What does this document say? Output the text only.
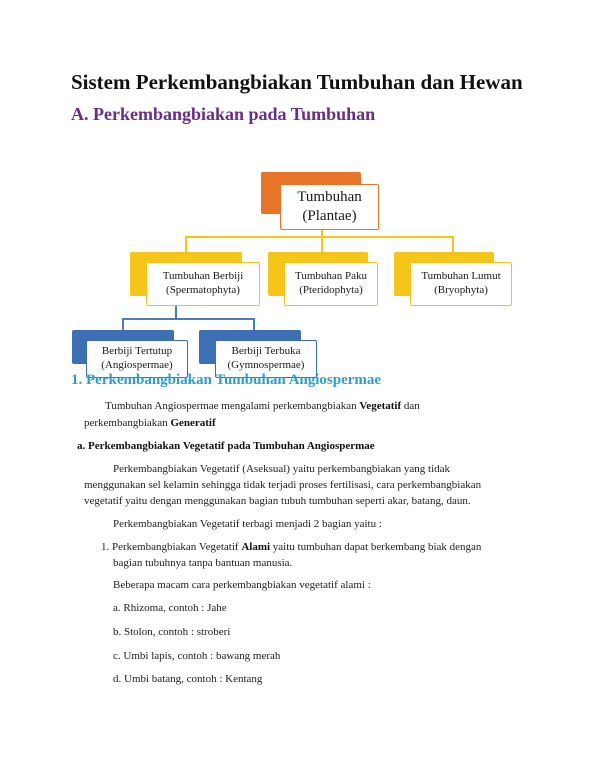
Sistem Perkembangbiakan Tumbuhan dan Hewan
A. Perkembangbiakan pada Tumbuhan
Tumbuhan
(Plantae)
Tumbuhan Berbiji
(Spermatophyta)
Tumbuhan Paku
(Pteridophyta)
Tumbuhan Lumut
(Bryophyta)
Berbiji Tertutup
(Angiospermae)
Berbiji Terbuka
(Gymnospermae)
1. Perkembangbiakan Tumbuhan Angiospermae
Tumbuhan Angiospermae mengalami perkembangbiakan Vegetatif dan
perkembangbiakan Generatif
a. Perkembangbiakan Vegetatif pada Tumbuhan Angiospermae
Perkembangbiakan Vegetatif (Aseksual) yaitu perkembangbiakan yang tidak
menggunakan sel kelamin sehingga tidak terjadi proses fertilisasi, cara perkembangbiakan
vegetatif yaitu dengan menggunakan bagian tubuh tumbuhan seperti akar, batang, daun.
Perkembangbiakan Vegetatif terbagi menjadi 2 bagian yaitu :
1. Perkembangbiakan Vegetatif Alami yaitu tumbuhan dapat berkembang biak dengan
bagian tubuhnya tanpa bantuan manusia.
Beberapa macam cara perkembangbiakan vegetatif alami :
a. Rhizoma, contoh : Jahe
b. Stolon, contoh : stroberi
c. Umbi lapis, contoh : bawang merah
d. Umbi batang, contoh : Kentang
